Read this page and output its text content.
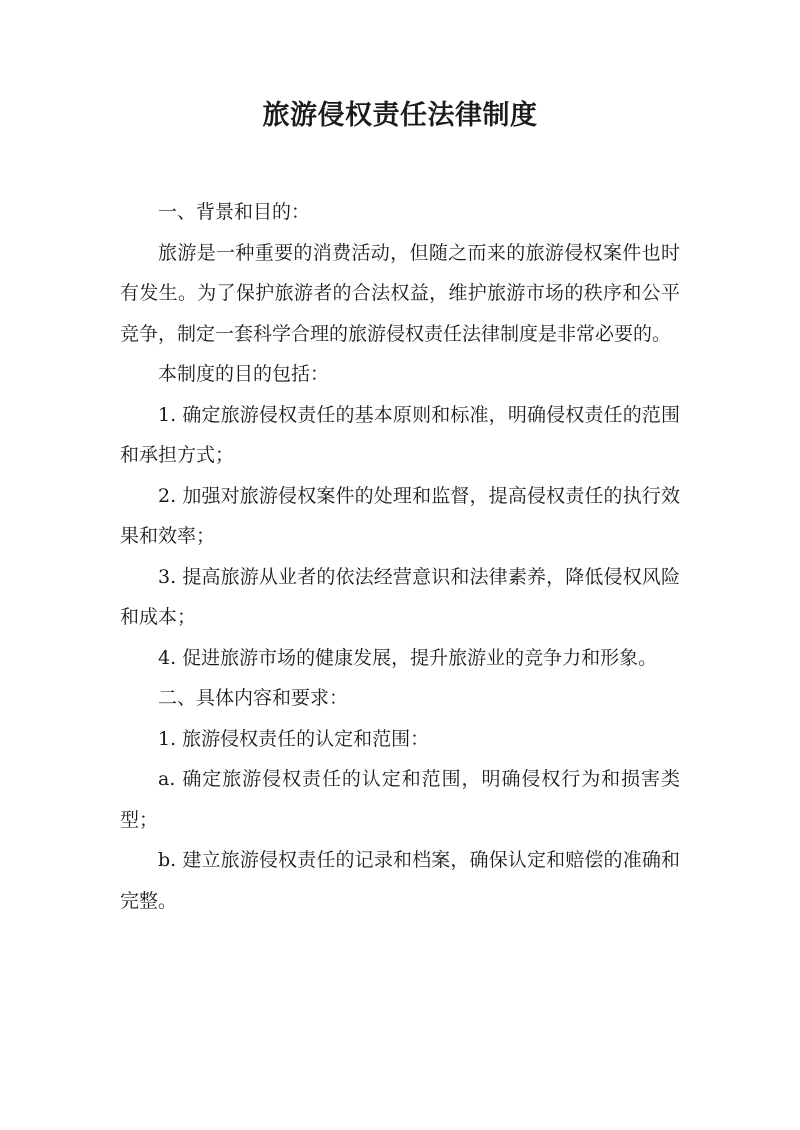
旅游侵权责任法律制度

一、背景和目的：

旅游是一种重要的消费活动，但随之而来的旅游侵权案件也时有发生。为了保护旅游者的合法权益，维护旅游市场的秩序和公平竞争，制定一套科学合理的旅游侵权责任法律制度是非常必要的。

本制度的目的包括：

1. 确定旅游侵权责任的基本原则和标准，明确侵权责任的范围和承担方式；

2. 加强对旅游侵权案件的处理和监督，提高侵权责任的执行效果和效率；

3. 提高旅游从业者的依法经营意识和法律素养，降低侵权风险和成本；

4. 促进旅游市场的健康发展，提升旅游业的竞争力和形象。

二、具体内容和要求：

1. 旅游侵权责任的认定和范围：

a. 确定旅游侵权责任的认定和范围，明确侵权行为和损害类型；

b. 建立旅游侵权责任的记录和档案，确保认定和赔偿的准确和完整。
